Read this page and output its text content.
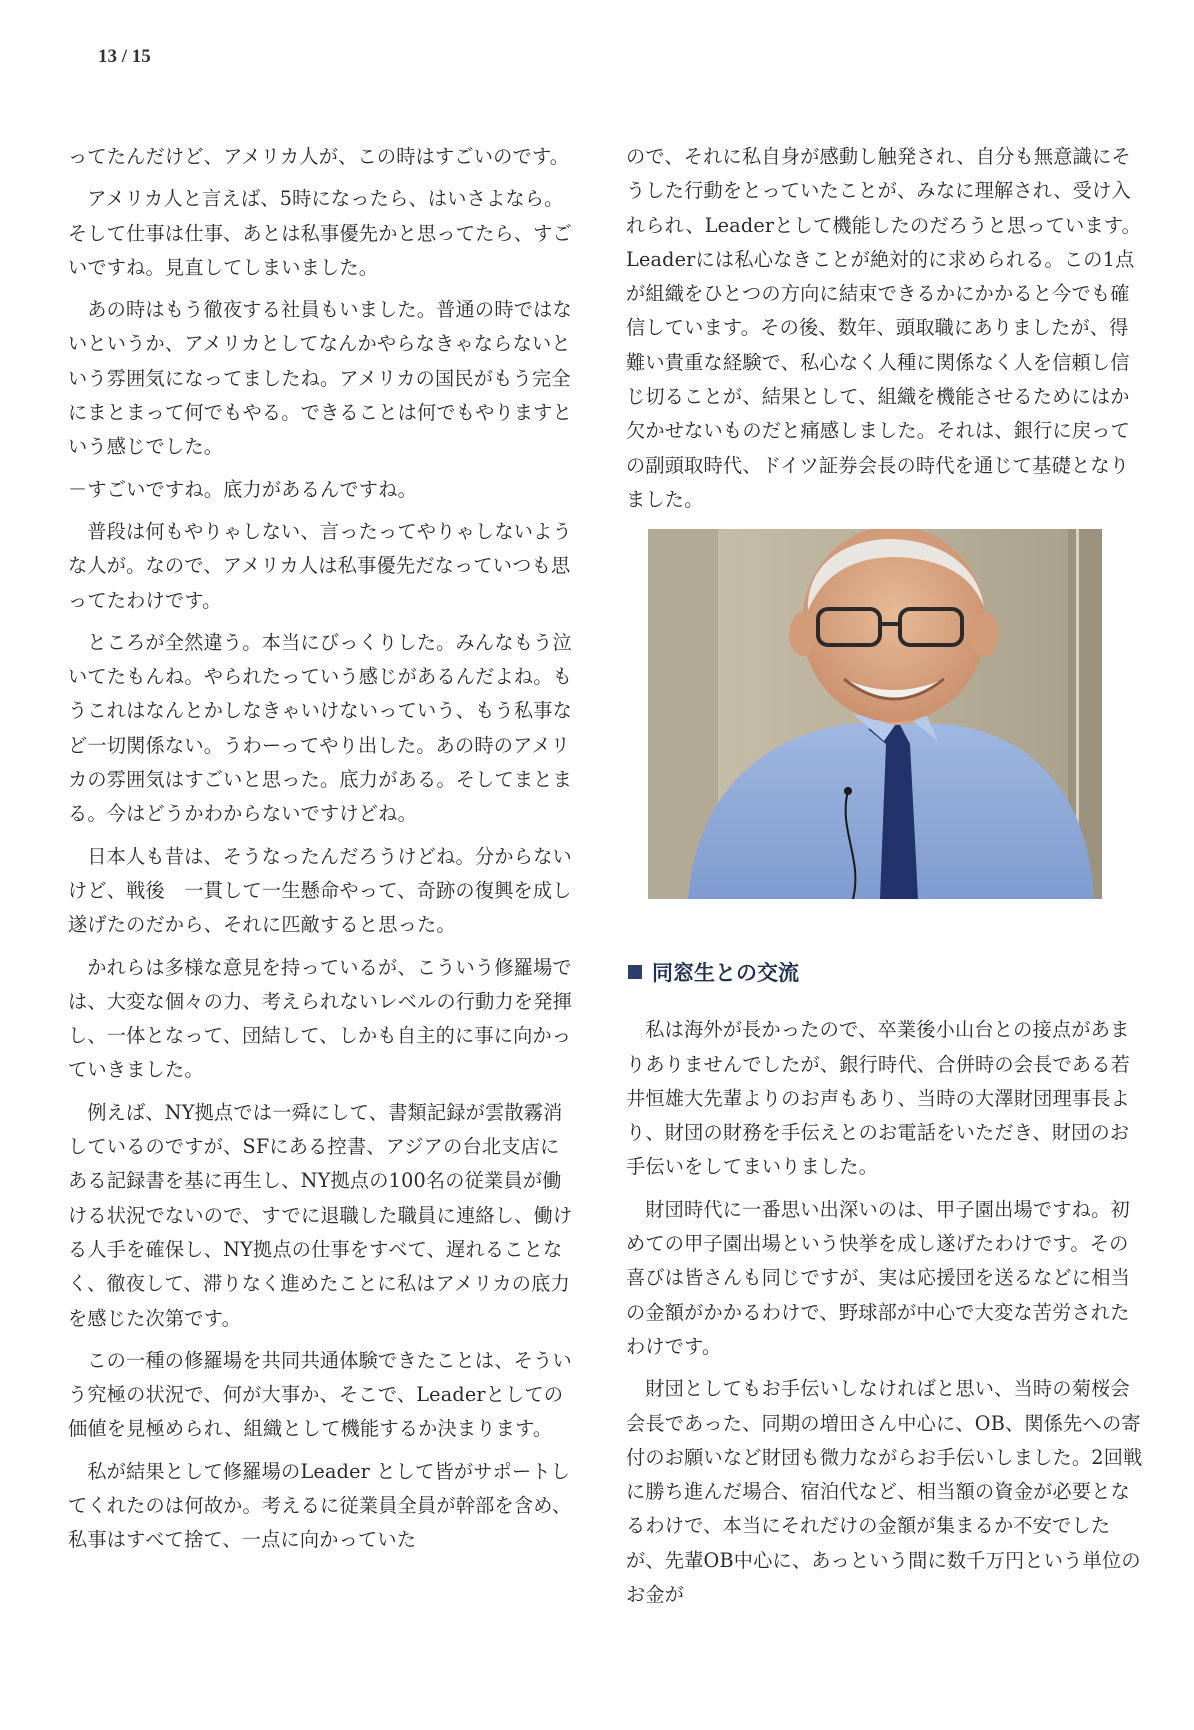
13 / 15

ってたんだけど、アメリカ人が、この時はすごいのです。

アメリカ人と言えば、5時になったら、はいさよなら。そして仕事は仕事、あとは私事優先かと思ってたら、すごいですね。見直してしまいました。

あの時はもう徹夜する社員もいました。普通の時ではないというか、アメリカとしてなんかやらなきゃならないという雰囲気になってましたね。アメリカの国民がもう完全にまとまって何でもやる。できることは何でもやりますという感じでした。

－すごいですね。底力があるんですね。

普段は何もやりゃしない、言ったってやりゃしないような人が。なので、アメリカ人は私事優先だなっていつも思ってたわけです。

ところが全然違う。本当にびっくりした。みんなもう泣いてたもんね。やられたっていう感じがあるんだよね。もうこれはなんとかしなきゃいけないっていう、もう私事など一切関係ない。うわーってやり出した。あの時のアメリカの雰囲気はすごいと思った。底力がある。そしてまとまる。今はどうかわからないですけどね。

日本人も昔は、そうなったんだろうけどね。分からないけど、戦後　一貫して一生懸命やって、奇跡の復興を成し遂げたのだから、それに匹敵すると思った。

かれらは多様な意見を持っているが、こういう修羅場では、大変な個々の力、考えられないレベルの行動力を発揮し、一体となって、団結して、しかも自主的に事に向かっていきました。

例えば、NY拠点では一舜にして、書類記録が雲散霧消しているのですが、SFにある控書、アジアの台北支店にある記録書を基に再生し、NY拠点の100名の従業員が働ける状況でないので、すでに退職した職員に連絡し、働ける人手を確保し、NY拠点の仕事をすべて、遅れることなく、徹夜して、滞りなく進めたことに私はアメリカの底力を感じた次第です。

この一種の修羅場を共同共通体験できたことは、そういう究極の状況で、何が大事か、そこで、Leaderとしての価値を見極められ、組織として機能するか決まります。

私が結果として修羅場のLeader として皆がサポートしてくれたのは何故か。考えるに従業員全員が幹部を含め、私事はすべて捨て、一点に向かっていた

ので、それに私自身が感動し触発され、自分も無意識にそうした行動をとっていたことが、みなに理解され、受け入れられ、Leaderとして機能したのだろうと思っています。Leaderには私心なきことが絶対的に求められる。この1点が組織をひとつの方向に結束できるかにかかると今でも確信しています。その後、数年、頭取職にありましたが、得難い貴重な経験で、私心なく人種に関係なく人を信頼し信じ切ることが、結果として、組織を機能させるためにはか欠かせないものだと痛感しました。それは、銀行に戻っての副頭取時代、ドイツ証券会長の時代を通じて基礎となりました。

同窓生との交流

私は海外が長かったので、卒業後小山台との接点があまりありませんでしたが、銀行時代、合併時の会長である若井恒雄大先輩よりのお声もあり、当時の大澤財団理事長より、財団の財務を手伝えとのお電話をいただき、財団のお手伝いをしてまいりました。

財団時代に一番思い出深いのは、甲子園出場ですね。初めての甲子園出場という快挙を成し遂げたわけです。その喜びは皆さんも同じですが、実は応援団を送るなどに相当の金額がかかるわけで、野球部が中心で大変な苦労されたわけです。

財団としてもお手伝いしなければと思い、当時の菊桜会会長であった、同期の増田さん中心に、OB、関係先への寄付のお願いなど財団も微力ながらお手伝いしました。2回戦に勝ち進んだ場合、宿泊代など、相当額の資金が必要となるわけで、本当にそれだけの金額が集まるか不安でしたが、先輩OB中心に、あっという間に数千万円という単位のお金が
